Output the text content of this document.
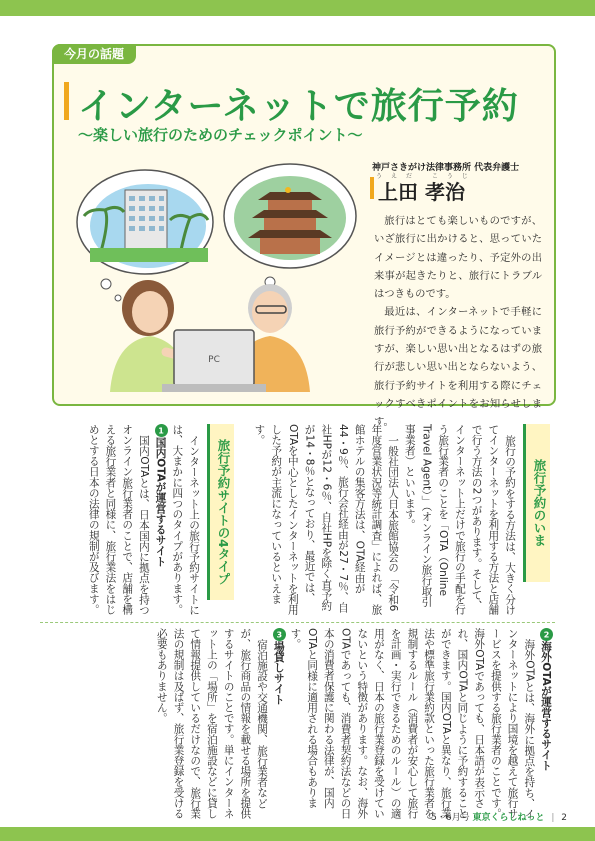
今月の話題
インターネットで旅行予約
〜楽しい旅行のためのチェックポイント〜
PC
神戸さきがけ法律事務所 代表弁護士
うえだ こうじ
上田 孝治

旅行はとても楽しいものですが、いざ旅行に出かけると、思っていたイメージとは違ったり、予定外の出来事が起きたりと、旅行にトラブルはつきものです。

最近は、インターネットで手軽に旅行予約ができるようになっていますが、楽しい思い出となるはずの旅行が悲しい思い出とならないよう、旅行予約サイトを利用する際にチェックすべきポイントをお知らせします。

旅行予約のいま

旅行の予約をする方法は、大きく分けてインターネットを利用する方法と店舗で行う方法の2つがあります。そして、インターネット上だけで旅行の手配を行う旅行業者のことを「OTA（Online Travel Agent）」（オンライン旅行取引事業者）といいます。

一般社団法人日本旅館協会の「令和6年度営業状況等統計調査」によれば、旅館ホテルの集客方法は、OTA経由が44・9％、旅行会社経由が27・7％、自社HPが12・6％、自社HPを除く直予約が14・8％となっており、最近では、OTAを中心としたインターネットを利用した予約が主流になっているといえます。

旅行予約サイトの4タイプ

インターネット上の旅行予約サイトには、大まかに四つのタイプがあります。

1国内OTAが運営するサイト

国内OTAとは、日本国内に拠点を持つオンライン旅行業者のことで、店舗を構える旅行業者と同様に、旅行業法をはじめとする日本の法律の規制が及びます。

2海外OTAが運営するサイト

海外OTAとは、海外に拠点を持ち、インターネットにより国境を越えて旅行サービスを提供する旅行業者のことです。海外OTAであっても、日本語が表示され、国内OTAと同じように予約することができます。国内OTAと異なり、旅行業法や標準旅行業約款といった旅行業者を規制するルール（消費者が安心して旅行を計画・実行できるためのルール）の適用がなく、日本の旅行業登録を受けていないという特徴があります。なお、海外OTAであっても、消費者契約法などの日本の消費者保護に関わる法律が、国内OTAと同様に適用される場合もあります。

3場貸しサイト

宿泊施設や交通機関、旅行業者などが、旅行商品の情報を載せる場所を提供するサイトのことです。単にインターネット上の「場所」を宿泊施設などに貸して情報提供しているだけなので、旅行業法の規制は及ばず、旅行業登録を受ける必要もありません。

5・6月号 東京くらしねっと | 2
